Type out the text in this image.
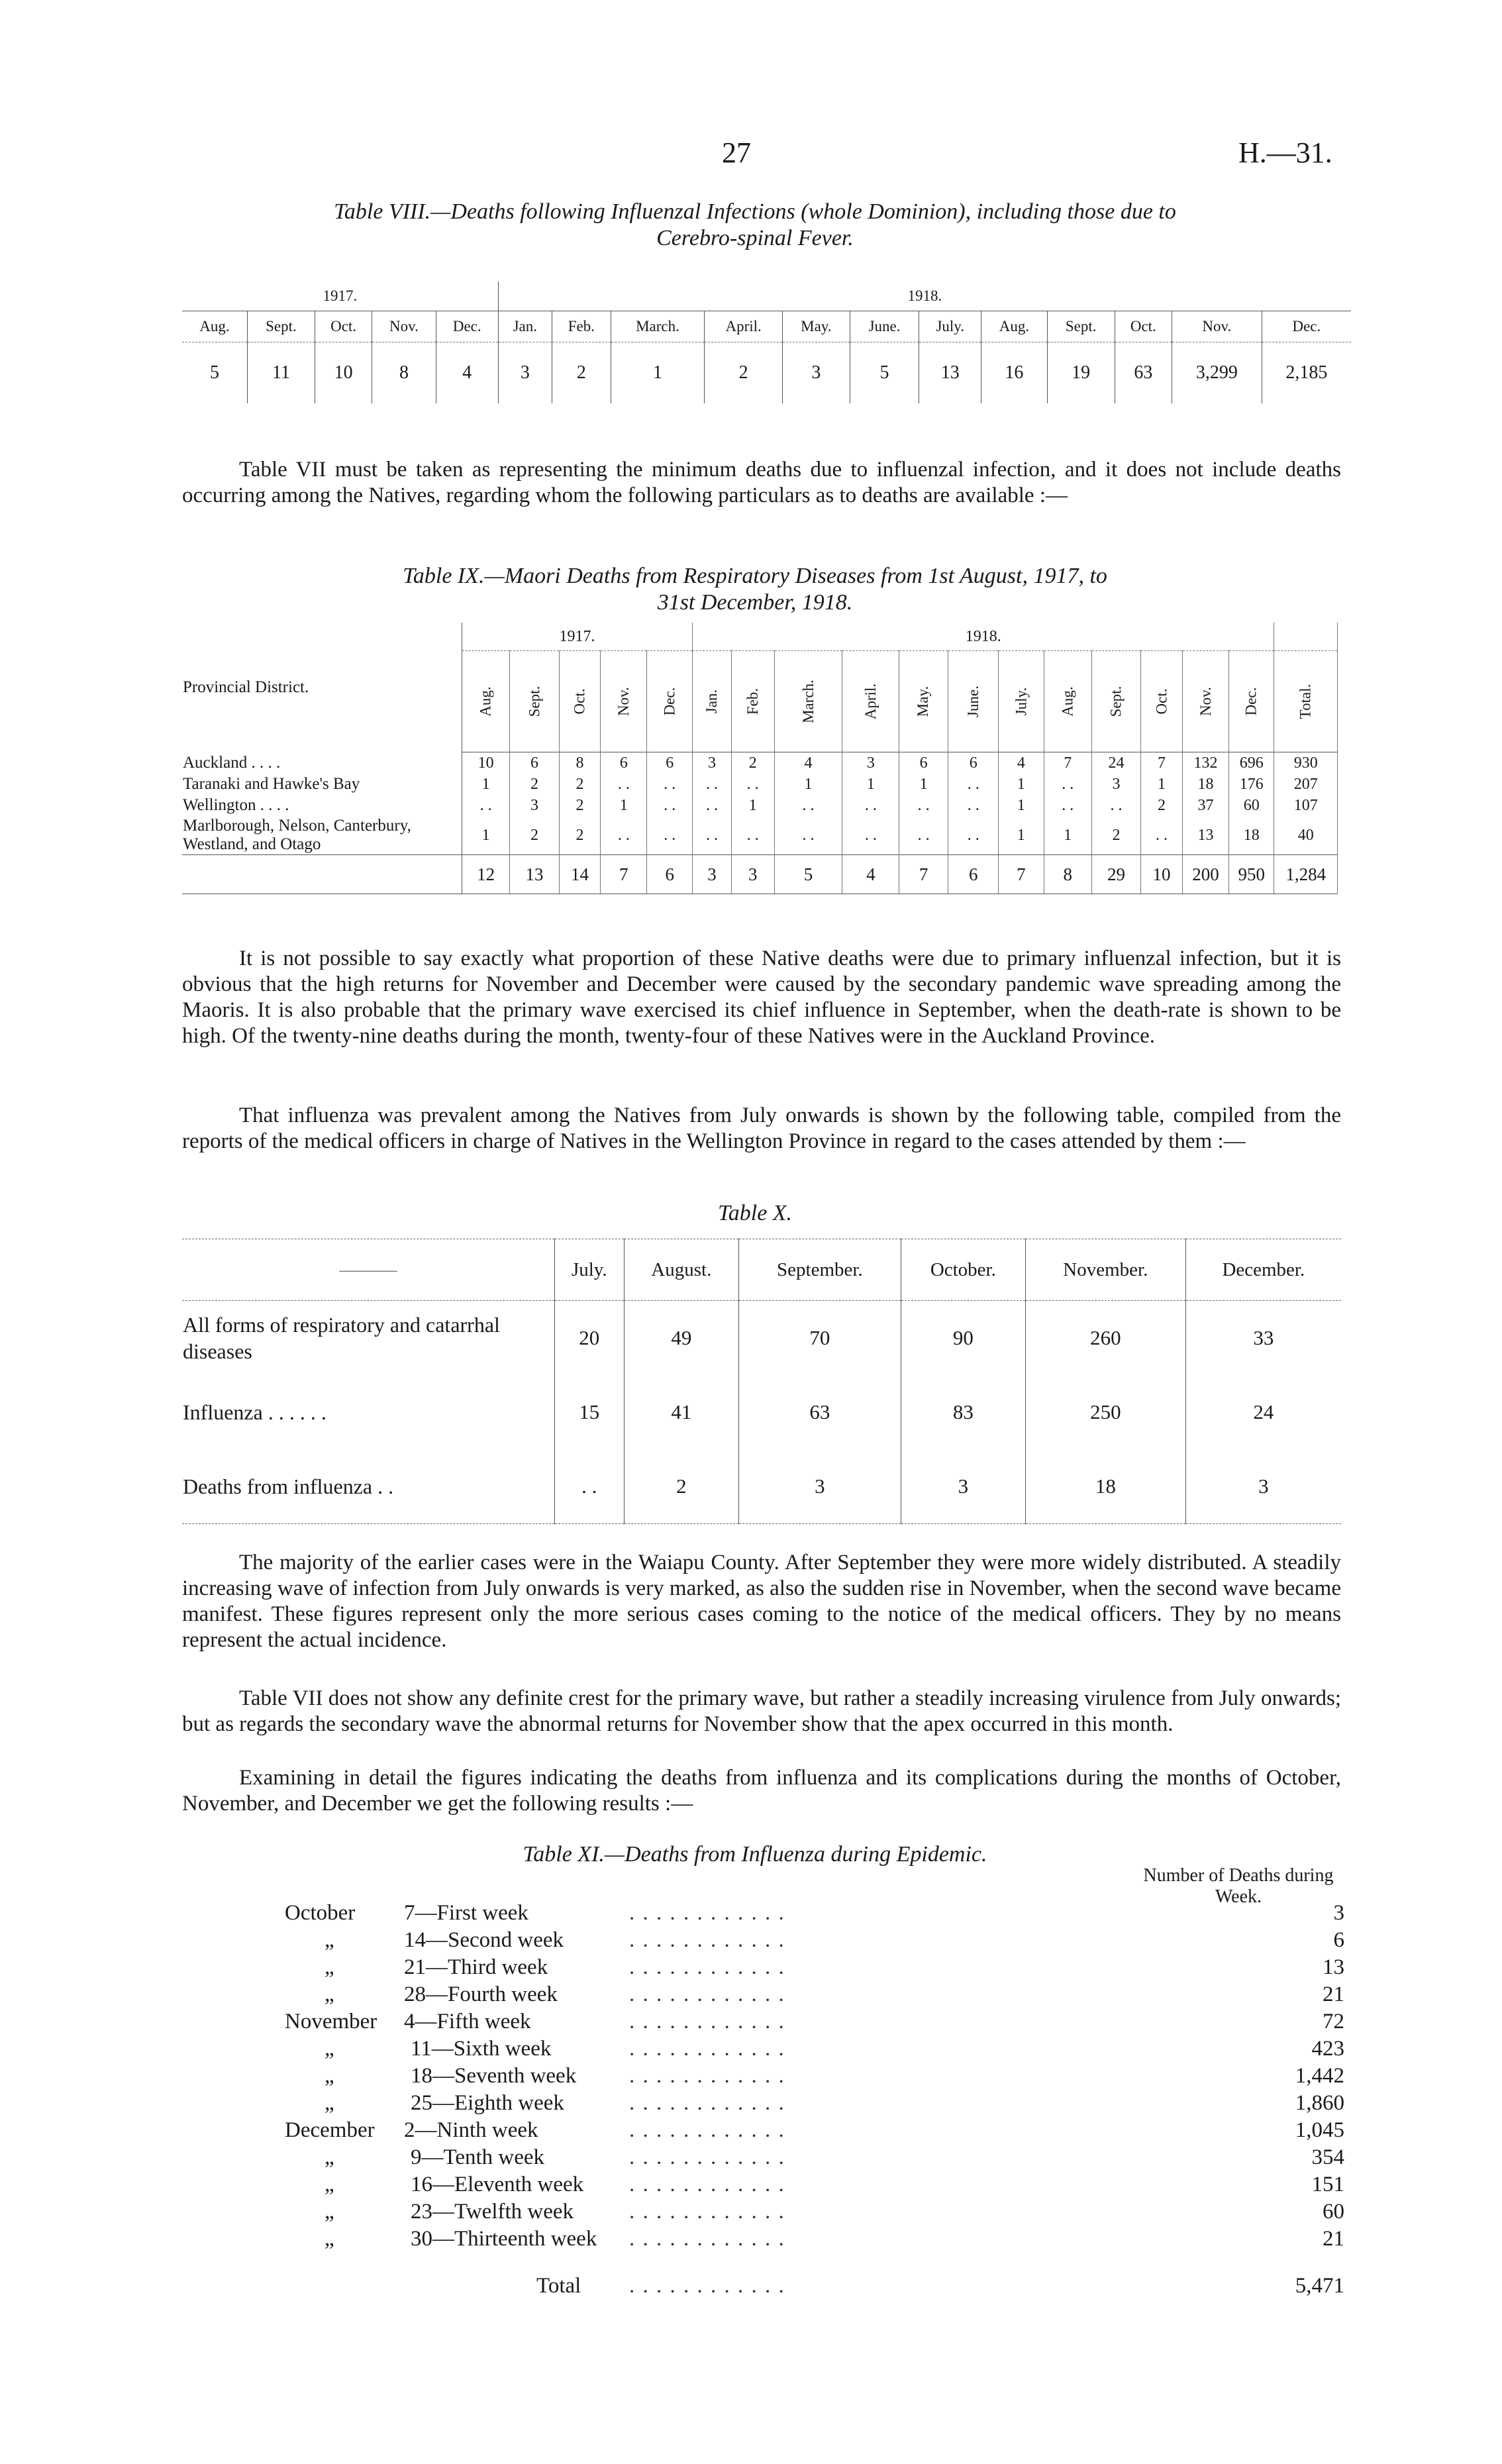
27	H.—31.
Table VIII.—Deaths following Influenzal Infections (whole Dominion), including those due to
Cerebro-spinal Fever.
1917.					1918.											
Aug.	Sept.	Oct.	Nov.	Dec.	Jan.	Feb.	March.	April.	May.	June.	July.	Aug.	Sept.	Oct.	Nov.	Dec.
5	11	10	8	4	3	2	1	2	3	5	13	16	19	63	3,299	2,185
Table VII must be taken as representing the minimum deaths due to influenzal infection, and it does not include deaths occurring among the Natives, regarding whom the following particulars as to deaths are available :—
Table IX.—Maori Deaths from Respiratory Diseases from 1st August, 1917, to
31st December, 1918.
Provincial District.	1917.					1918.												
	Aug.	Sept.	Oct.	Nov.	Dec.	Jan.	Feb.	March.	April.	May.	June.	July.	Aug.	Sept.	Oct.	Nov.	Dec.	Total.
Auckland . . . .	10	6	8	6	6	3	2	4	3	6	6	4	7	24	7	132	696	930
Taranaki and Hawke's Bay	1	2	2	. .	. .	. .	. .	1	1	1	. .	1	. .	3	1	18	176	207
Wellington . . . .	. .	3	2	1	. .	. .	1	. .	. .	. .	. .	1	. .	. .	2	37	60	107
Marlborough, Nelson, Canterbury, Westland, and Otago	1	2	2	. .	. .	. .	. .	. .	. .	. .	. .	1	1	2	. .	13	18	40
	12	13	14	7	6	3	3	5	4	7	6	7	8	29	10	200	950	1,284
It is not possible to say exactly what proportion of these Native deaths were due to primary influenzal infection, but it is obvious that the high returns for November and December were caused by the secondary pandemic wave spreading among the Maoris. It is also probable that the primary wave exercised its chief influence in September, when the death-rate is shown to be high. Of the twenty-nine deaths during the month, twenty-four of these Natives were in the Auckland Province.
That influenza was prevalent among the Natives from July onwards is shown by the following table, compiled from the reports of the medical officers in charge of Natives in the Wellington Province in regard to the cases attended by them :—
Table X.
———	July.	August.	September.	October.	November.	December.
All forms of respiratory and catarrhal diseases	20	49	70	90	260	33
Influenza . . . . . .	15	41	63	83	250	24
Deaths from influenza . .	. .	2	3	3	18	3
The majority of the earlier cases were in the Waiapu County. After September they were more widely distributed. A steadily increasing wave of infection from July onwards is very marked, as also the sudden rise in November, when the second wave became manifest. These figures represent only the more serious cases coming to the notice of the medical officers. They by no means represent the actual incidence.
Table VII does not show any definite crest for the primary wave, but rather a steadily increasing virulence from July onwards; but as regards the secondary wave the abnormal returns for November show that the apex occurred in this month.
Examining in detail the figures indicating the deaths from influenza and its complications during the months of October, November, and December we get the following results :—
Table XI.—Deaths from Influenza during Epidemic.
Number of Deaths during Week.
October 7—First week	. . . . . . . . . . . .	3
„	14—Second week	. . . . . . . . . . . .	6
„	21—Third week	. . . . . . . . . . . .	13
„	28—Fourth week	. . . . . . . . . . . .	21
November 4—Fifth week	. . . . . . . . . . . .	72
„	11—Sixth week	. . . . . . . . . . . .	423
„	18—Seventh week . . . . . . . . . . . .	1,442
„	25—Eighth week	. . . . . . . . . . . .	1,860
December 2—Ninth week	. . . . . . . . . . . .	1,045
„	9—Tenth week	. . . . . . . . . . . .	354
„	16—Eleventh week . . . . . . . . . . . .	151
„	23—Twelfth week	. . . . . . . . . . . .	60
„	30—Thirteenth week . . . . . . . . . . . .	21
Total . . . . . . . . . . . .	5,471
